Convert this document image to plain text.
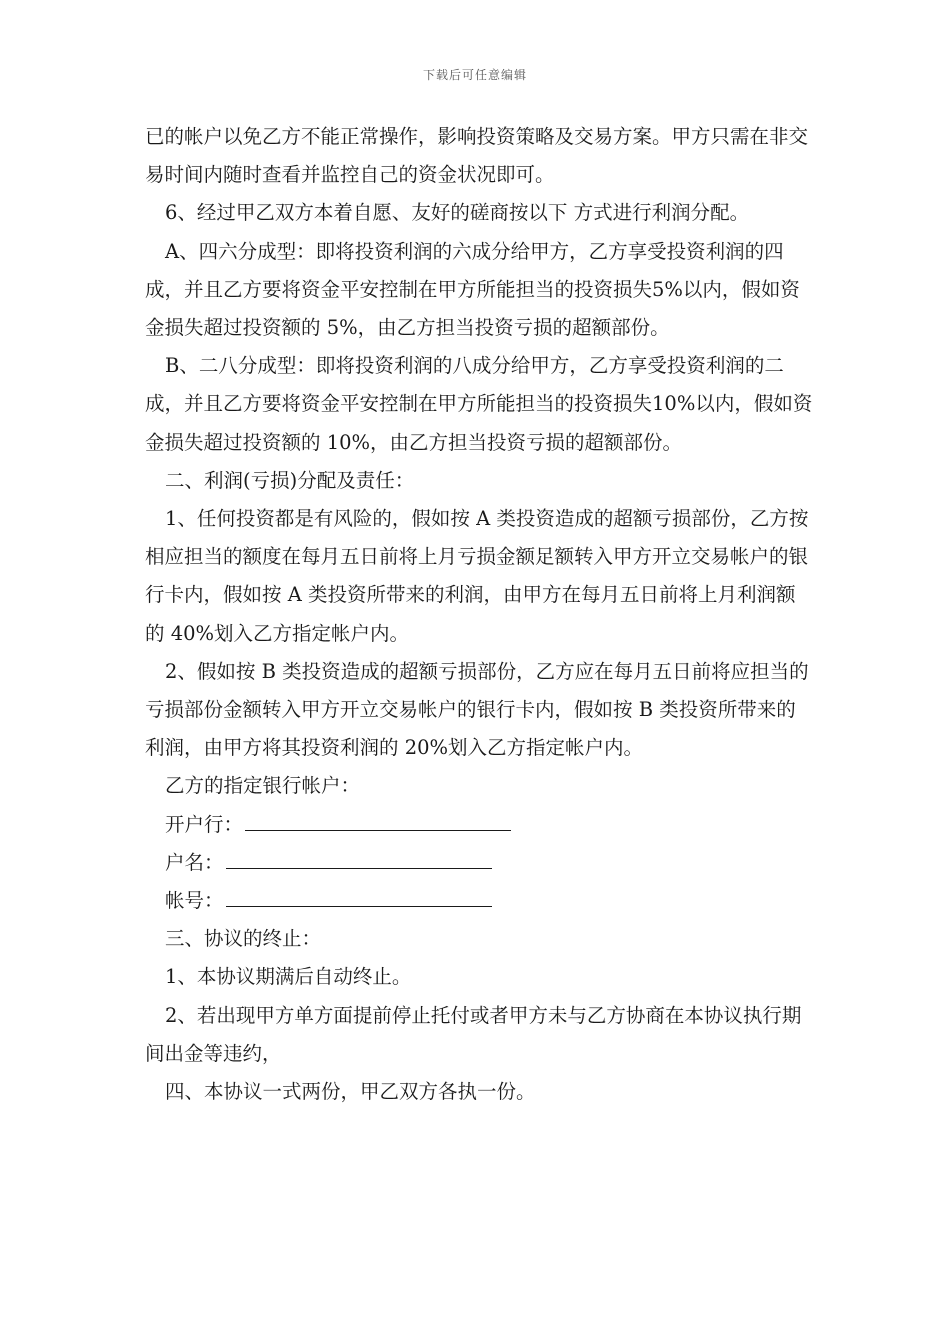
下载后可任意编辑

已的帐户以免乙方不能正常操作，影响投资策略及交易方案。甲方只需在非交易时间内随时查看并监控自己的资金状况即可。

6、经过甲乙双方本着自愿、友好的磋商按以下 方式进行利润分配。

A、四六分成型：即将投资利润的六成分给甲方，乙方享受投资利润的四成，并且乙方要将资金平安控制在甲方所能担当的投资损失5%以内，假如资金损失超过投资额的 5%，由乙方担当投资亏损的超额部份。

B、二八分成型：即将投资利润的八成分给甲方，乙方享受投资利润的二成，并且乙方要将资金平安控制在甲方所能担当的投资损失10%以内，假如资金损失超过投资额的 10%，由乙方担当投资亏损的超额部份。

二、利润(亏损)分配及责任：

1、任何投资都是有风险的，假如按 A 类投资造成的超额亏损部份，乙方按相应担当的额度在每月五日前将上月亏损金额足额转入甲方开立交易帐户的银行卡内，假如按 A 类投资所带来的利润，由甲方在每月五日前将上月利润额的 40%划入乙方指定帐户内。

2、假如按 B 类投资造成的超额亏损部份，乙方应在每月五日前将应担当的亏损部份金额转入甲方开立交易帐户的银行卡内，假如按 B 类投资所带来的利润，由甲方将其投资利润的 20%划入乙方指定帐户内。

乙方的指定银行帐户：

开户行：

户名：

帐号：

三、协议的终止：

1、本协议期满后自动终止。

2、若出现甲方单方面提前停止托付或者甲方未与乙方协商在本协议执行期间出金等违约，

四、本协议一式两份，甲乙双方各执一份。
